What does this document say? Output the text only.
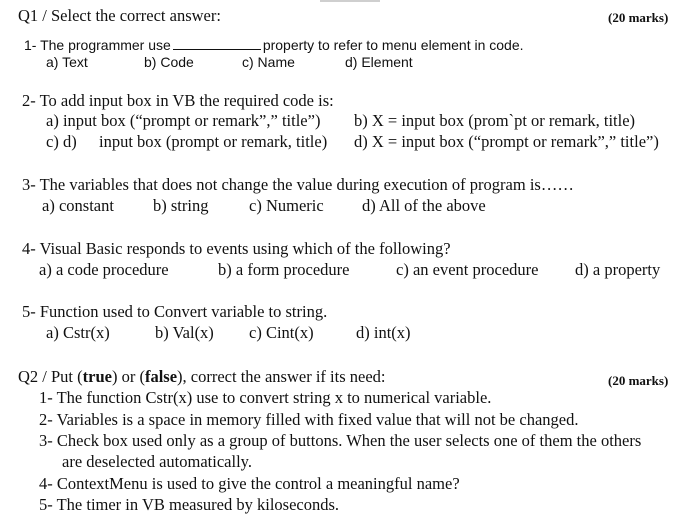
Q1 / Select the correct answer:	(20 marks)
1- The programmer use	property to refer to menu element in code.
a) Text	b) Code	c) Name	d) Element
2- To add input box in VB the required code is:
a) input box (“prompt or remark”,” title”) b) X = input box (prom`pt or remark, title)
c) d) input box (prompt or remark, title) d) X = input box (“prompt or remark”,” title”)
3- The variables that does not change the value during execution of program is……
a) constant b) string c) Numeric d) All of the above
4- Visual Basic responds to events using which of the following?
a) a code procedure	b) a form procedure	c) an event procedure d) a property
5- Function used to Convert variable to string.
a) Cstr(x)	b) Val(x) c) Cint(x)	d) int(x)
Q2 / Put (true) or (false), correct the answer if its need:	(20 marks)
1- The function Cstr(x) use to convert string x to numerical variable.
2- Variables is a space in memory filled with fixed value that will not be changed.
3- Check box used only as a group of buttons. When the user selects one of them the others
are deselected automatically.
4- ContextMenu is used to give the control a meaningful name?
5- The timer in VB measured by kiloseconds.
